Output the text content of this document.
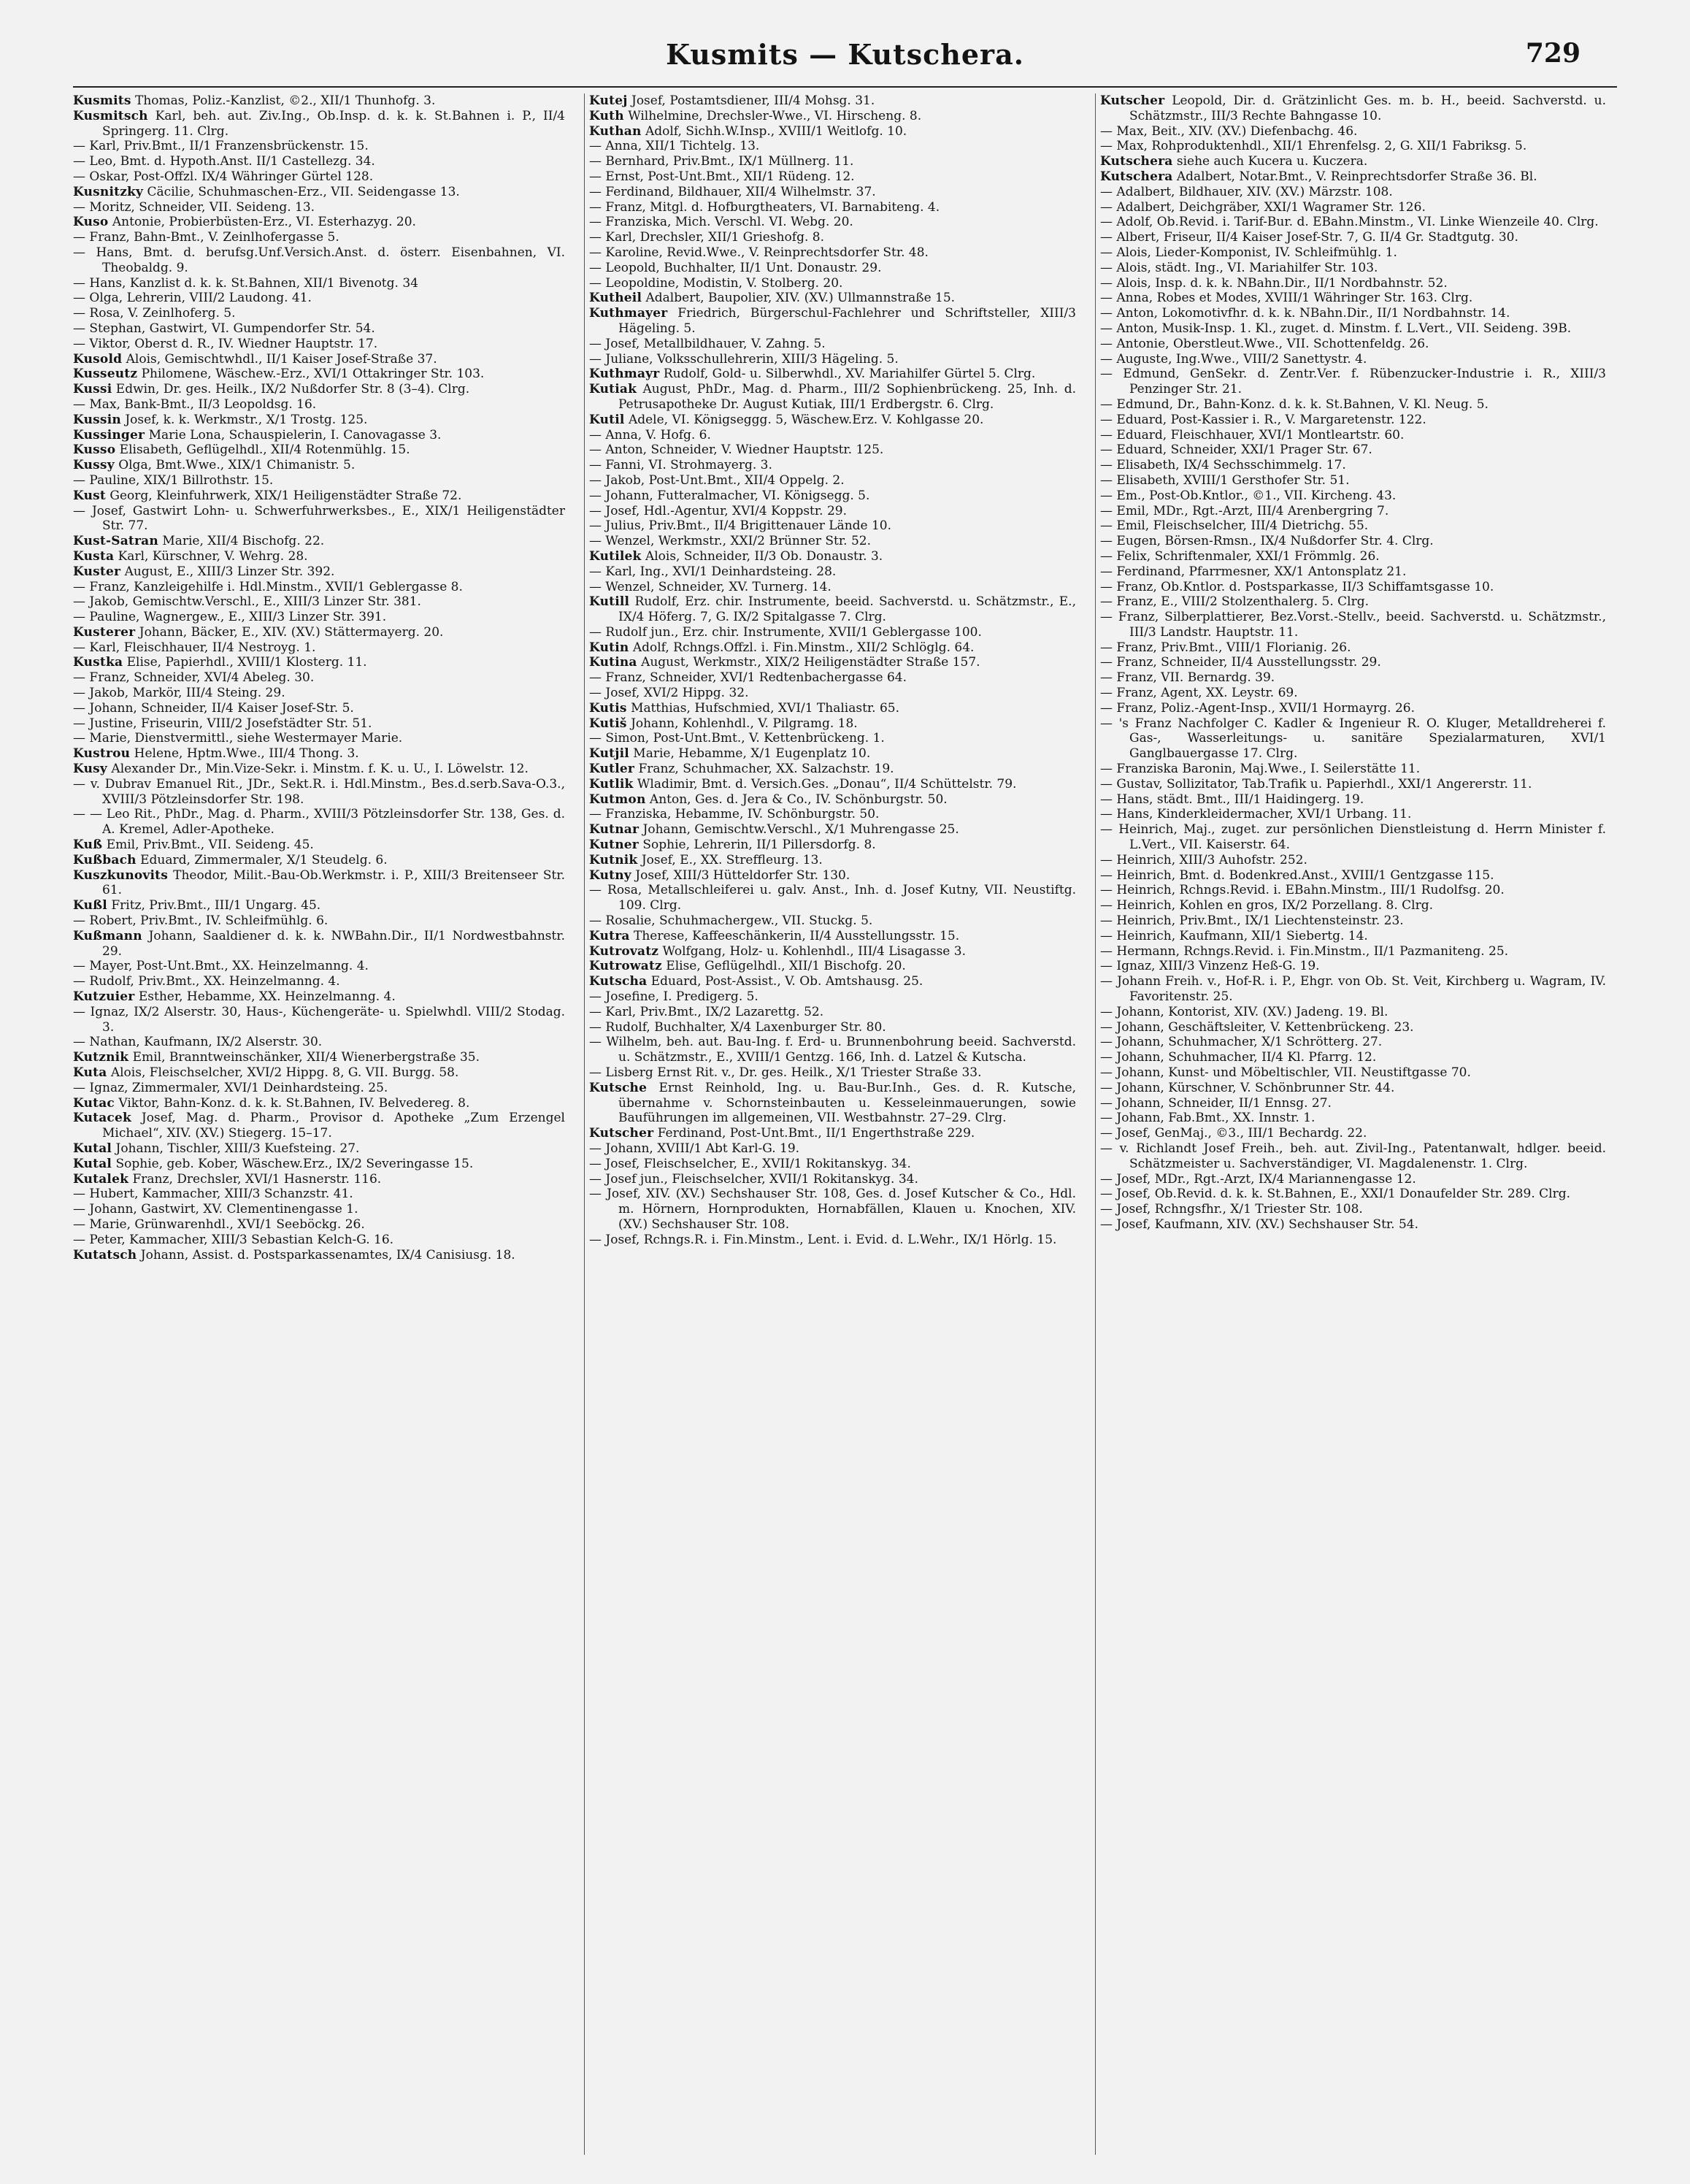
Kusmits — Kutschera.	729

Kusmits Thomas, Poliz.-Kanzlist, ©2., XII/1 Thunhofg. 3.

Kusmitsch Karl, beh. aut. Ziv.Ing., Ob.Insp. d. k. k. St.Bahnen i. P., II/4 Springerg. 11. Clrg.

— Karl, Priv.Bmt., II/1 Franzensbrückenstr. 15.

— Leo, Bmt. d. Hypoth.Anst. II/1 Castellezg. 34.

— Oskar, Post-Offzl. IX/4 Währinger Gürtel 128.

Kusnitzky Cäcilie, Schuhmaschen-Erz., VII. Seidengasse 13.

— Moritz, Schneider, VII. Seideng. 13.

Kuso Antonie, Probierbüsten-Erz., VI. Esterhazyg. 20.

— Franz, Bahn-Bmt., V. Zeinlhofergasse 5.

— Hans, Bmt. d. berufsg.Unf.Versich.Anst. d. österr. Eisenbahnen, VI. Theobaldg. 9.

— Hans, Kanzlist d. k. k. St.Bahnen, XII/1 Bivenotg. 34

— Olga, Lehrerin, VIII/2 Laudong. 41.

— Rosa, V. Zeinlhoferg. 5.

— Stephan, Gastwirt, VI. Gumpendorfer Str. 54.

— Viktor, Oberst d. R., IV. Wiedner Hauptstr. 17.

Kusold Alois, Gemischtwhdl., II/1 Kaiser Josef-Straße 37.

Kusseutz Philomene, Wäschew.-Erz., XVI/1 Ottakringer Str. 103.

Kussi Edwin, Dr. ges. Heilk., IX/2 Nußdorfer Str. 8 (3–4). Clrg.

— Max, Bank-Bmt., II/3 Leopoldsg. 16.

Kussin Josef, k. k. Werkmstr., X/1 Trostg. 125.

Kussinger Marie Lona, Schauspielerin, I. Canovagasse 3.

Kusso Elisabeth, Geflügelhdl., XII/4 Rotenmühlg. 15.

Kussy Olga, Bmt.Wwe., XIX/1 Chimanistr. 5.

— Pauline, XIX/1 Billrothstr. 15.

Kust Georg, Kleinfuhrwerk, XIX/1 Heiligenstädter Straße 72.

— Josef, Gastwirt Lohn- u. Schwerfuhrwerksbes., E., XIX/1 Heiligenstädter Str. 77.

Kust-Satran Marie, XII/4 Bischofg. 22.

Kusta Karl, Kürschner, V. Wehrg. 28.

Kuster August, E., XIII/3 Linzer Str. 392.

— Franz, Kanzleigehilfe i. Hdl.Minstm., XVII/1 Geblergasse 8.

— Jakob, Gemischtw.Verschl., E., XIII/3 Linzer Str. 381.

— Pauline, Wagnergew., E., XIII/3 Linzer Str. 391.

Kusterer Johann, Bäcker, E., XIV. (XV.) Stättermayerg. 20.

— Karl, Fleischhauer, II/4 Nestroyg. 1.

Kustka Elise, Papierhdl., XVIII/1 Klosterg. 11.

— Franz, Schneider, XVI/4 Abeleg. 30.

— Jakob, Markör, III/4 Steing. 29.

— Johann, Schneider, II/4 Kaiser Josef-Str. 5.

— Justine, Friseurin, VIII/2 Josefstädter Str. 51.

— Marie, Dienstvermittl., siehe Westermayer Marie.

Kustrou Helene, Hptm.Wwe., III/4 Thong. 3.

Kusy Alexander Dr., Min.Vize-Sekr. i. Minstm. f. K. u. U., I. Löwelstr. 12.

— v. Dubrav Emanuel Rit., JDr., Sekt.R. i. Hdl.Minstm., Bes.d.serb.Sava-O.3., XVIII/3 Pötzleinsdorfer Str. 198.

— — Leo Rit., PhDr., Mag. d. Pharm., XVIII/3 Pötzleinsdorfer Str. 138, Ges. d. A. Kremel, Adler-Apotheke.

Kuß Emil, Priv.Bmt., VII. Seideng. 45.

Kußbach Eduard, Zimmermaler, X/1 Steudelg. 6.

Kuszkunovits Theodor, Milit.-Bau-Ob.Werkmstr. i. P., XIII/3 Breitenseer Str. 61.

Kußl Fritz, Priv.Bmt., III/1 Ungarg. 45.

— Robert, Priv.Bmt., IV. Schleifmühlg. 6.

Kußmann Johann, Saaldiener d. k. k. NWBahn.Dir., II/1 Nordwestbahnstr. 29.

— Mayer, Post-Unt.Bmt., XX. Heinzelmanng. 4.

— Rudolf, Priv.Bmt., XX. Heinzelmanng. 4.

Kutzuier Esther, Hebamme, XX. Heinzelmanng. 4.

— Ignaz, IX/2 Alserstr. 30, Haus-, Küchengeräte- u. Spielwhdl. VIII/2 Stodag. 3.

— Nathan, Kaufmann, IX/2 Alserstr. 30.

Kutznik Emil, Branntweinschänker, XII/4 Wienerbergstraße 35.

Kuta Alois, Fleischselcher, XVI/2 Hippg. 8, G. VII. Burgg. 58.

— Ignaz, Zimmermaler, XVI/1 Deinhardsteing. 25.

Kutac Viktor, Bahn-Konz. d. k. k. St.Bahnen, IV. Belvedereg. 8.

Kutacek Josef, Mag. d. Pharm., Provisor d. Apotheke „Zum Erzengel Michael“, XIV. (XV.) Stiegerg. 15–17.

Kutal Johann, Tischler, XIII/3 Kuefsteing. 27.

Kutal Sophie, geb. Kober, Wäschew.Erz., IX/2 Severingasse 15.

Kutalek Franz, Drechsler, XVI/1 Hasnerstr. 116.

— Hubert, Kammacher, XIII/3 Schanzstr. 41.

— Johann, Gastwirt, XV. Clementinengasse 1.

— Marie, Grünwarenhdl., XVI/1 Seeböckg. 26.

— Peter, Kammacher, XIII/3 Sebastian Kelch-G. 16.

Kutatsch Johann, Assist. d. Postsparkassenamtes, IX/4 Canisiusg. 18.

Kutej Josef, Postamtsdiener, III/4 Mohsg. 31.

Kuth Wilhelmine, Drechsler-Wwe., VI. Hirscheng. 8.

Kuthan Adolf, Sichh.W.Insp., XVIII/1 Weitlofg. 10.

— Anna, XII/1 Tichtelg. 13.

— Bernhard, Priv.Bmt., IX/1 Müllnerg. 11.

— Ernst, Post-Unt.Bmt., XII/1 Rüdeng. 12.

— Ferdinand, Bildhauer, XII/4 Wilhelmstr. 37.

— Franz, Mitgl. d. Hofburgtheaters, VI. Barnabiteng. 4.

— Franziska, Mich. Verschl. VI. Webg. 20.

— Karl, Drechsler, XII/1 Grieshofg. 8.

— Karoline, Revid.Wwe., V. Reinprechtsdorfer Str. 48.

— Leopold, Buchhalter, II/1 Unt. Donaustr. 29.

— Leopoldine, Modistin, V. Stolberg. 20.

Kutheil Adalbert, Baupolier, XIV. (XV.) Ullmannstraße 15.

Kuthmayer Friedrich, Bürgerschul-Fachlehrer und Schriftsteller, XIII/3 Hägeling. 5.

— Josef, Metallbildhauer, V. Zahng. 5.

— Juliane, Volksschullehrerin, XIII/3 Hägeling. 5.

Kuthmayr Rudolf, Gold- u. Silberwhdl., XV. Mariahilfer Gürtel 5. Clrg.

Kutiak August, PhDr., Mag. d. Pharm., III/2 Sophienbrückeng. 25, Inh. d. Petrusapotheke Dr. August Kutiak, III/1 Erdbergstr. 6. Clrg.

Kutil Adele, VI. Königseggg. 5, Wäschew.Erz. V. Kohlgasse 20.

— Anna, V. Hofg. 6.

— Anton, Schneider, V. Wiedner Hauptstr. 125.

— Fanni, VI. Strohmayerg. 3.

— Jakob, Post-Unt.Bmt., XII/4 Oppelg. 2.

— Johann, Futteralmacher, VI. Königsegg. 5.

— Josef, Hdl.-Agentur, XVI/4 Koppstr. 29.

— Julius, Priv.Bmt., II/4 Brigittenauer Lände 10.

— Wenzel, Werkmstr., XXI/2 Brünner Str. 52.

Kutilek Alois, Schneider, II/3 Ob. Donaustr. 3.

— Karl, Ing., XVI/1 Deinhardsteing. 28.

— Wenzel, Schneider, XV. Turnerg. 14.

Kutill Rudolf, Erz. chir. Instrumente, beeid. Sachverstd. u. Schätzmstr., E., IX/4 Höferg. 7, G. IX/2 Spitalgasse 7. Clrg.

— Rudolf jun., Erz. chir. Instrumente, XVII/1 Geblergasse 100.

Kutin Adolf, Rchngs.Offzl. i. Fin.Minstm., XII/2 Schlöglg. 64.

Kutina August, Werkmstr., XIX/2 Heiligenstädter Straße 157.

— Franz, Schneider, XVI/1 Redtenbachergasse 64.

— Josef, XVI/2 Hippg. 32.

Kutis Matthias, Hufschmied, XVI/1 Thaliastr. 65.

Kutiš Johann, Kohlenhdl., V. Pilgramg. 18.

— Simon, Post-Unt.Bmt., V. Kettenbrückeng. 1.

Kutjil Marie, Hebamme, X/1 Eugenplatz 10.

Kutler Franz, Schuhmacher, XX. Salzachstr. 19.

Kutlik Wladimir, Bmt. d. Versich.Ges. „Donau“, II/4 Schüttelstr. 79.

Kutmon Anton, Ges. d. Jera & Co., IV. Schönburgstr. 50.

— Franziska, Hebamme, IV. Schönburgstr. 50.

Kutnar Johann, Gemischtw.Verschl., X/1 Muhrengasse 25.

Kutner Sophie, Lehrerin, II/1 Pillersdorfg. 8.

Kutnik Josef, E., XX. Streffleurg. 13.

Kutny Josef, XIII/3 Hütteldorfer Str. 130.

— Rosa, Metallschleiferei u. galv. Anst., Inh. d. Josef Kutny, VII. Neustiftg. 109. Clrg.

— Rosalie, Schuhmachergew., VII. Stuckg. 5.

Kutra Therese, Kaffeeschänkerin, II/4 Ausstellungsstr. 15.

Kutrovatz Wolfgang, Holz- u. Kohlenhdl., III/4 Lisagasse 3.

Kutrowatz Elise, Geflügelhdl., XII/1 Bischofg. 20.

Kutscha Eduard, Post-Assist., V. Ob. Amtshausg. 25.

— Josefine, I. Predigerg. 5.

— Karl, Priv.Bmt., IX/2 Lazarettg. 52.

— Rudolf, Buchhalter, X/4 Laxenburger Str. 80.

— Wilhelm, beh. aut. Bau-Ing. f. Erd- u. Brunnenbohrung beeid. Sachverstd. u. Schätzmstr., E., XVIII/1 Gentzg. 166, Inh. d. Latzel & Kutscha.

— Lisberg Ernst Rit. v., Dr. ges. Heilk., X/1 Triester Straße 33.

Kutsche Ernst Reinhold, Ing. u. Bau-Bur.Inh., Ges. d. R. Kutsche, übernahme v. Schornsteinbauten u. Kesseleinmauerungen, sowie Bauführungen im allgemeinen, VII. Westbahnstr. 27–29. Clrg.

Kutscher Ferdinand, Post-Unt.Bmt., II/1 Engerthstraße 229.

— Johann, XVIII/1 Abt Karl-G. 19.

— Josef, Fleischselcher, E., XVII/1 Rokitanskyg. 34.

— Josef jun., Fleischselcher, XVII/1 Rokitanskyg. 34.

— Josef, XIV. (XV.) Sechshauser Str. 108, Ges. d. Josef Kutscher & Co., Hdl. m. Hörnern, Hornprodukten, Hornabfällen, Klauen u. Knochen, XIV. (XV.) Sechshauser Str. 108.

— Josef, Rchngs.R. i. Fin.Minstm., Lent. i. Evid. d. L.Wehr., IX/1 Hörlg. 15.

Kutscher Leopold, Dir. d. Grätzinlicht Ges. m. b. H., beeid. Sachverstd. u. Schätzmstr., III/3 Rechte Bahngasse 10.

— Max, Beit., XIV. (XV.) Diefenbachg. 46.

— Max, Rohproduktenhdl., XII/1 Ehrenfelsg. 2, G. XII/1 Fabriksg. 5.

Kutschera siehe auch Kucera u. Kuczera.

Kutschera Adalbert, Notar.Bmt., V. Reinprechtsdorfer Straße 36. Bl.

— Adalbert, Bildhauer, XIV. (XV.) Märzstr. 108.

— Adalbert, Deichgräber, XXI/1 Wagramer Str. 126.

— Adolf, Ob.Revid. i. Tarif-Bur. d. EBahn.Minstm., VI. Linke Wienzeile 40. Clrg.

— Albert, Friseur, II/4 Kaiser Josef-Str. 7, G. II/4 Gr. Stadtgutg. 30.

— Alois, Lieder-Komponist, IV. Schleifmühlg. 1.

— Alois, städt. Ing., VI. Mariahilfer Str. 103.

— Alois, Insp. d. k. k. NBahn.Dir., II/1 Nordbahnstr. 52.

— Anna, Robes et Modes, XVIII/1 Währinger Str. 163. Clrg.

— Anton, Lokomotivfhr. d. k. k. NBahn.Dir., II/1 Nordbahnstr. 14.

— Anton, Musik-Insp. 1. Kl., zuget. d. Minstm. f. L.Vert., VII. Seideng. 39B.

— Antonie, Oberstleut.Wwe., VII. Schottenfeldg. 26.

— Auguste, Ing.Wwe., VIII/2 Sanettystr. 4.

— Edmund, GenSekr. d. Zentr.Ver. f. Rübenzucker-Industrie i. R., XIII/3 Penzinger Str. 21.

— Edmund, Dr., Bahn-Konz. d. k. k. St.Bahnen, V. Kl. Neug. 5.

— Eduard, Post-Kassier i. R., V. Margaretenstr. 122.

— Eduard, Fleischhauer, XVI/1 Montleartstr. 60.

— Eduard, Schneider, XXI/1 Prager Str. 67.

— Elisabeth, IX/4 Sechsschimmelg. 17.

— Elisabeth, XVIII/1 Gersthofer Str. 51.

— Em., Post-Ob.Kntlor., ©1., VII. Kircheng. 43.

— Emil, MDr., Rgt.-Arzt, III/4 Arenbergring 7.

— Emil, Fleischselcher, III/4 Dietrichg. 55.

— Eugen, Börsen-Rmsn., IX/4 Nußdorfer Str. 4. Clrg.

— Felix, Schriftenmaler, XXI/1 Frömmlg. 26.

— Ferdinand, Pfarrmesner, XX/1 Antonsplatz 21.

— Franz, Ob.Kntlor. d. Postsparkasse, II/3 Schiffamtsgasse 10.

— Franz, E., VIII/2 Stolzenthalerg. 5. Clrg.

— Franz, Silberplattierer, Bez.Vorst.-Stellv., beeid. Sachverstd. u. Schätzmstr., III/3 Landstr. Hauptstr. 11.

— Franz, Priv.Bmt., VIII/1 Florianig. 26.

— Franz, Schneider, II/4 Ausstellungsstr. 29.

— Franz, VII. Bernardg. 39.

— Franz, Agent, XX. Leystr. 69.

— Franz, Poliz.-Agent-Insp., XVII/1 Hormayrg. 26.

— 's Franz Nachfolger C. Kadler & Ingenieur R. O. Kluger, Metalldreherei f. Gas-, Wasserleitungs- u. sanitäre Spezialarmaturen, XVI/1 Ganglbauergasse 17. Clrg.

— Franziska Baronin, Maj.Wwe., I. Seilerstätte 11.

— Gustav, Sollizitator, Tab.Trafik u. Papierhdl., XXI/1 Angererstr. 11.

— Hans, städt. Bmt., III/1 Haidingerg. 19.

— Hans, Kinderkleidermacher, XVI/1 Urbang. 11.

— Heinrich, Maj., zuget. zur persönlichen Dienstleistung d. Herrn Minister f. L.Vert., VII. Kaiserstr. 64.

— Heinrich, XIII/3 Auhofstr. 252.

— Heinrich, Bmt. d. Bodenkred.Anst., XVIII/1 Gentzgasse 115.

— Heinrich, Rchngs.Revid. i. EBahn.Minstm., III/1 Rudolfsg. 20.

— Heinrich, Kohlen en gros, IX/2 Porzellang. 8. Clrg.

— Heinrich, Priv.Bmt., IX/1 Liechtensteinstr. 23.

— Heinrich, Kaufmann, XII/1 Siebertg. 14.

— Hermann, Rchngs.Revid. i. Fin.Minstm., II/1 Pazmaniteng. 25.

— Ignaz, XIII/3 Vinzenz Heß-G. 19.

— Johann Freih. v., Hof-R. i. P., Ehgr. von Ob. St. Veit, Kirchberg u. Wagram, IV. Favoritenstr. 25.

— Johann, Kontorist, XIV. (XV.) Jadeng. 19. Bl.

— Johann, Geschäftsleiter, V. Kettenbrückeng. 23.

— Johann, Schuhmacher, X/1 Schrötterg. 27.

— Johann, Schuhmacher, II/4 Kl. Pfarrg. 12.

— Johann, Kunst- und Möbeltischler, VII. Neustiftgasse 70.

— Johann, Kürschner, V. Schönbrunner Str. 44.

— Johann, Schneider, II/1 Ennsg. 27.

— Johann, Fab.Bmt., XX. Innstr. 1.

— Josef, GenMaj., ©3., III/1 Bechardg. 22.

— v. Richlandt Josef Freih., beh. aut. Zivil-Ing., Patentanwalt, hdlger. beeid. Schätzmeister u. Sachverständiger, VI. Magdalenenstr. 1. Clrg.

— Josef, MDr., Rgt.-Arzt, IX/4 Mariannengasse 12.

— Josef, Ob.Revid. d. k. k. St.Bahnen, E., XXI/1 Donaufelder Str. 289. Clrg.

— Josef, Rchngsfhr., X/1 Triester Str. 108.

— Josef, Kaufmann, XIV. (XV.) Sechshauser Str. 54.
